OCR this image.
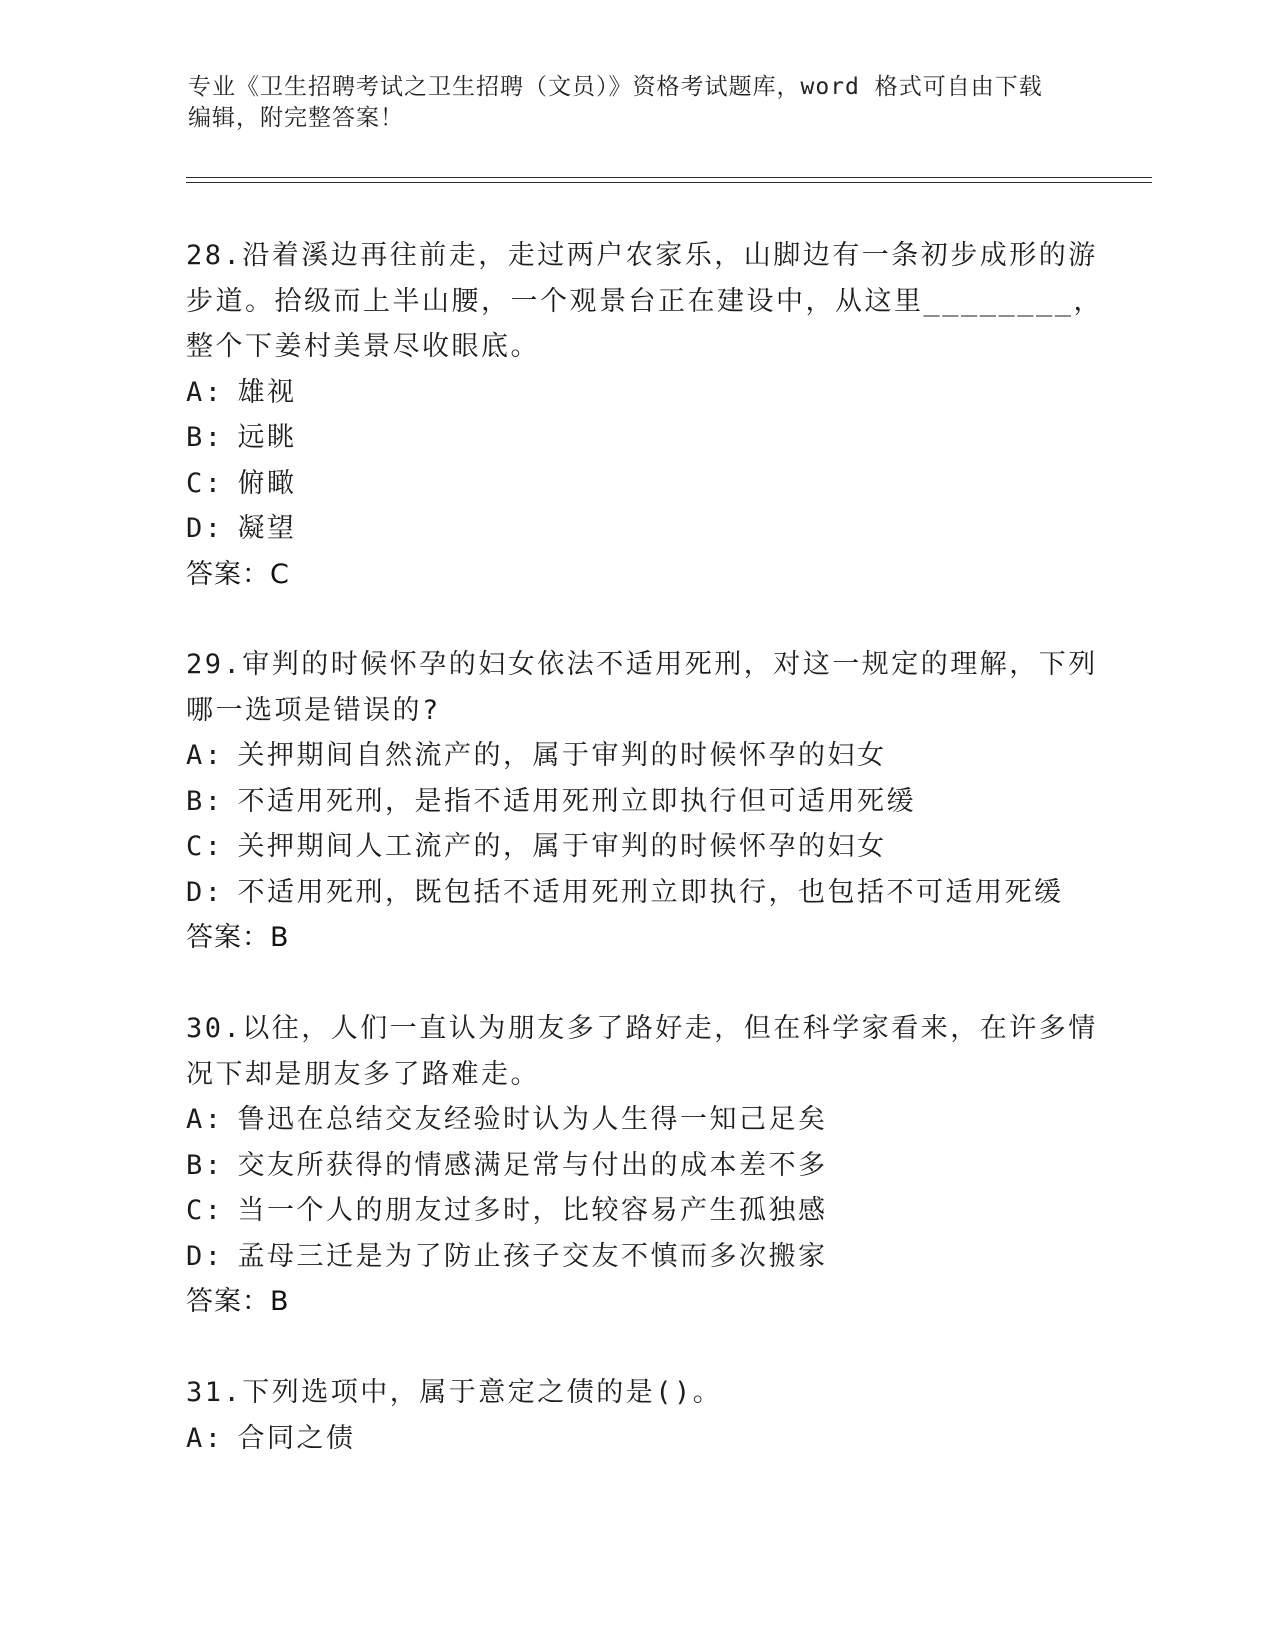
专业《卫生招聘考试之卫生招聘（文员）》资格考试题库，word 格式可自由下载
编辑，附完整答案！
28.沿着溪边再往前走，走过两户农家乐，山脚边有一条初步成形的游
步道。拾级而上半山腰，一个观景台正在建设中，从这里________，
整个下姜村美景尽收眼底。
A: 雄视
B: 远眺
C: 俯瞰
D: 凝望
答案：C
29.审判的时候怀孕的妇女依法不适用死刑，对这一规定的理解，下列
哪一选项是错误的?
A: 关押期间自然流产的，属于审判的时候怀孕的妇女
B: 不适用死刑，是指不适用死刑立即执行但可适用死缓
C: 关押期间人工流产的，属于审判的时候怀孕的妇女
D: 不适用死刑，既包括不适用死刑立即执行，也包括不可适用死缓
答案：B
30.以往，人们一直认为朋友多了路好走，但在科学家看来，在许多情
况下却是朋友多了路难走。
A: 鲁迅在总结交友经验时认为人生得一知己足矣
B: 交友所获得的情感满足常与付出的成本差不多
C: 当一个人的朋友过多时，比较容易产生孤独感
D: 孟母三迁是为了防止孩子交友不慎而多次搬家
答案：B
31.下列选项中，属于意定之债的是()。
A: 合同之债
